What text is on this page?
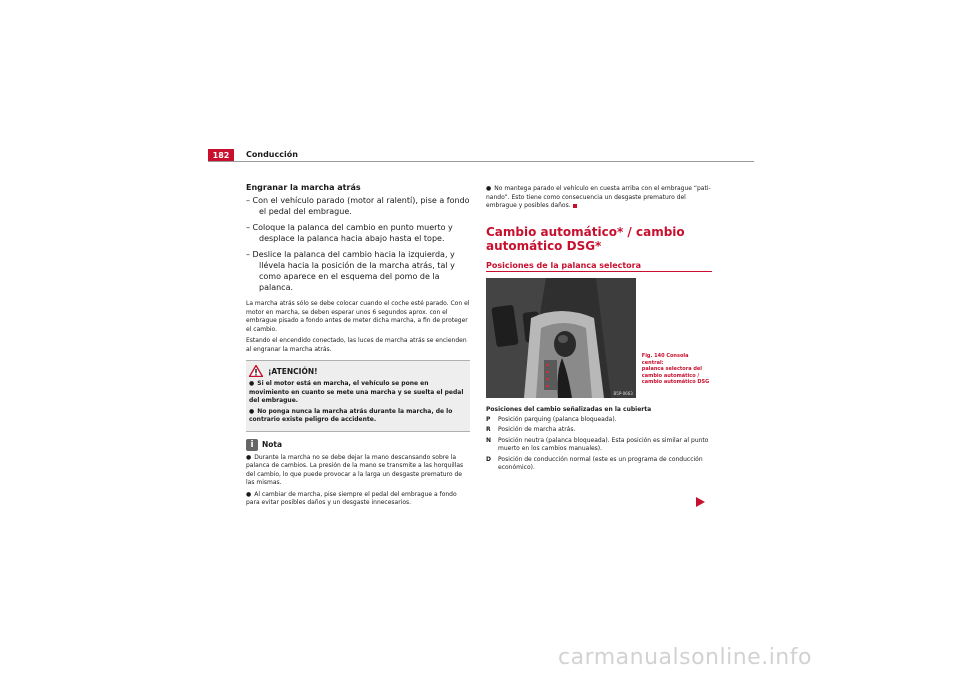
182	Conducción
Engranar la marcha atrás
– Con el vehículo parado (motor al ralentí), pise a fondo el pedal del embrague.
– Coloque la palanca del cambio en punto muerto y desplace la palanca hacia abajo hasta el tope.
– Deslice la palanca del cambio hacia la izquierda, y llévela hacia la posición de la marcha atrás, tal y como aparece en el esquema del pomo de la palanca.
La marcha atrás sólo se debe colocar cuando el coche esté parado. Con el motor en marcha, se deben esperar unos 6 segundos aprox. con el embrague pisado a fondo antes de meter dicha marcha, a fin de proteger el cambio.
Estando el encendido conectado, las luces de marcha atrás se encienden al engranar la marcha atrás.
¡ATENCIÓN!
● Si el motor está en marcha, el vehículo se pone en movimiento en cuanto se mete una marcha y se suelta el pedal del embrague.
● No ponga nunca la marcha atrás durante la marcha, de lo contrario existe peligro de accidente.
i	Nota
● Durante la marcha no se debe dejar la mano descansando sobre la palanca de cambios. La presión de la mano se transmite a las horquillas del cambio, lo que puede provocar a la larga un desgaste prematuro de las mismas.
● Al cambiar de marcha, pise siempre el pedal del embrague a fondo para evitar posibles daños y un desgaste innecesarios.
● No mantega parado el vehículo en cuesta arriba con el embrague “pati-nando”. Esto tiene como consecuencia un desgaste prematuro del embrague y posibles daños.
Cambio automático* / cambio automático DSG*
Posiciones de la palanca selectora
B5P-0663
Fig. 140 Consola central:
palanca selectora del
cambio automático /
cambio automático DSG
Posiciones del cambio señalizadas en la cubierta
P	Posición parquing (palanca bloqueada).
R	Posición de marcha atrás.
N	Posición neutra (palanca bloqueada). Esta posición es similar al punto muerto en los cambios manuales).
D	Posición de conducción normal (este es un programa de conducción económico).
carmanualsonline.info
